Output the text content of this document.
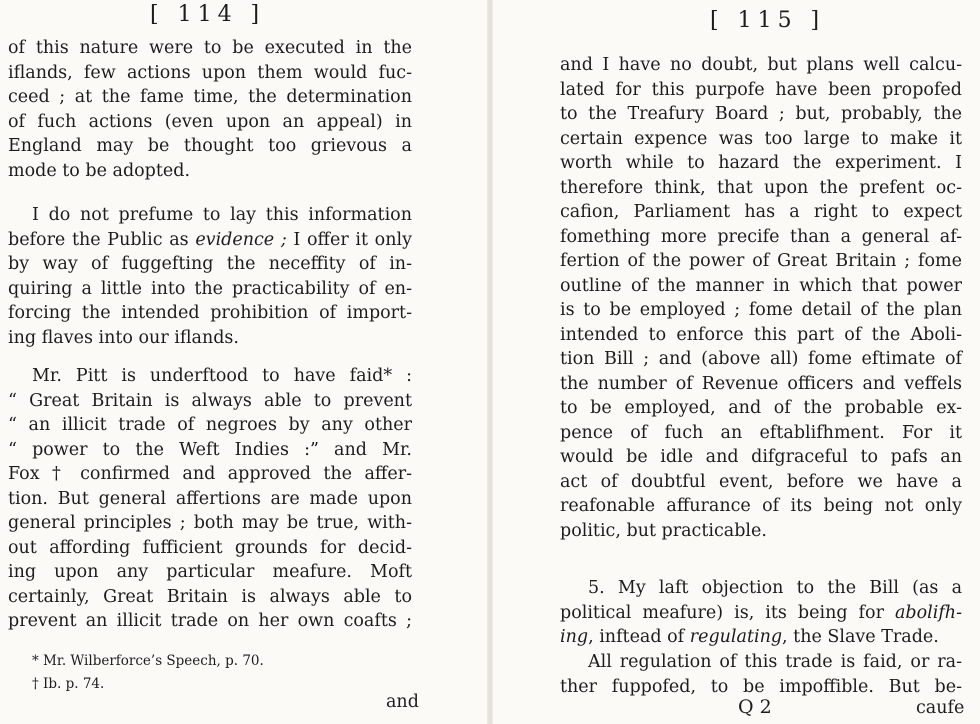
[ 114 ]

of this nature were to be executed in the
iflands, few actions upon them would fuc-
ceed ; at the fame time, the determination
of fuch actions (even upon an appeal) in
England may be thought too grievous a
mode to be adopted.

I do not prefume to lay this information
before the Public as evidence ; I offer it only
by way of fuggefting the neceffity of in-
quiring a little into the practicability of en-
forcing the intended prohibition of import-
ing flaves into our iflands.

Mr. Pitt is underftood to have faid* :
“ Great Britain is always able to prevent
“ an illicit trade of negroes by any other
“ power to the Weft Indies :” and Mr.
Fox † confirmed and approved the affer-
tion. But general affertions are made upon
general principles ; both may be true, with-
out affording fufficient grounds for decid-
ing upon any particular meafure. Moft
certainly, Great Britain is always able to
prevent an illicit trade on her own coafts ;

* Mr. Wilberforce’s Speech, p. 70.
† Ib. p. 74.
and
[ 115 ]

and I have no doubt, but plans well calcu-
lated for this purpofe have been propofed
to the Treafury Board ; but, probably, the
certain expence was too large to make it
worth while to hazard the experiment. I
therefore think, that upon the prefent oc-
cafion, Parliament has a right to expect
fomething more precife than a general af-
fertion of the power of Great Britain ; fome
outline of the manner in which that power
is to be employed ; fome detail of the plan
intended to enforce this part of the Aboli-
tion Bill ; and (above all) fome eftimate of
the number of Revenue officers and veffels
to be employed, and of the probable ex-
pence of fuch an eftablifhment. For it
would be idle and difgraceful to pafs an
act of doubtful event, before we have a
reafonable affurance of its being not only
politic, but practicable.

5. My laft objection to the Bill (as a
political meafure) is, its being for abolifh-
ing, inftead of regulating, the Slave Trade.

All regulation of this trade is faid, or ra-
ther fuppofed, to be impoffible. But be-

Q 2	caufe
